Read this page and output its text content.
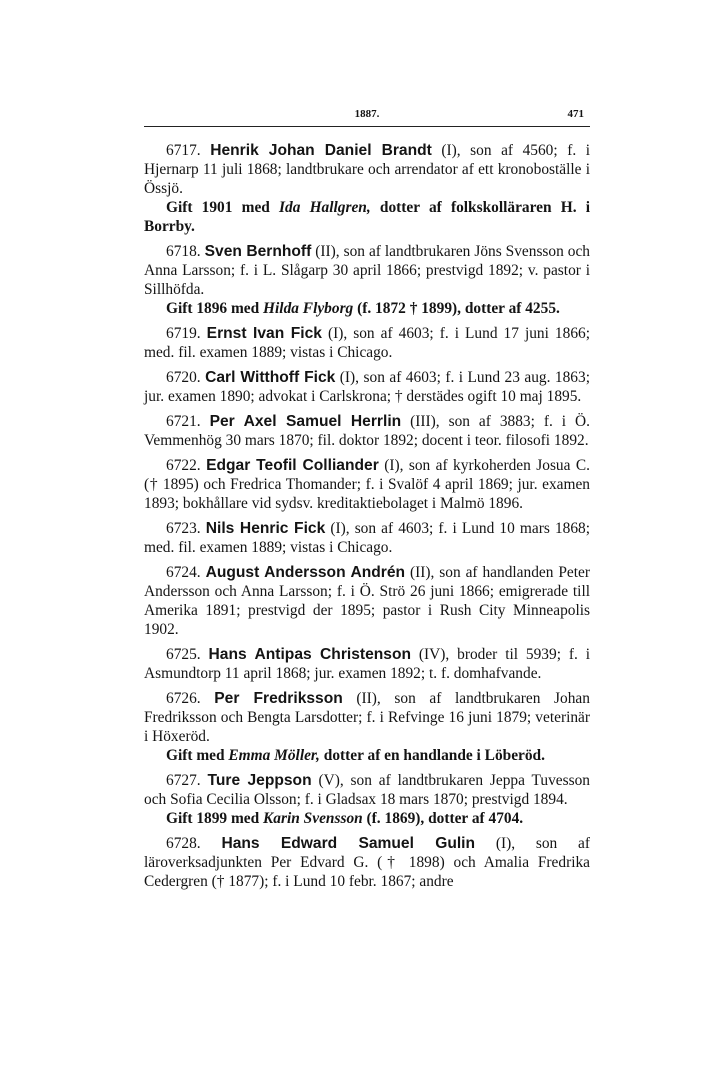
1887.	471

6717. Henrik Johan Daniel Brandt (I), son af 4560; f. i Hjernarp 11 juli 1868; landtbrukare och arrendator af ett kronoboställe i Össjö.

Gift 1901 med Ida Hallgren, dotter af folkskolläraren H. i Borrby.

6718. Sven Bernhoff (II), son af landtbrukaren Jöns Svensson och Anna Larsson; f. i L. Slågarp 30 april 1866; prestvigd 1892; v. pastor i Sillhöfda.

Gift 1896 med Hilda Flyborg (f. 1872 † 1899), dotter af 4255.

6719. Ernst Ivan Fick (I), son af 4603; f. i Lund 17 juni 1866; med. fil. examen 1889; vistas i Chicago.

6720. Carl Witthoff Fick (I), son af 4603; f. i Lund 23 aug. 1863; jur. examen 1890; advokat i Carlskrona; † derstädes ogift 10 maj 1895.

6721. Per Axel Samuel Herrlin (III), son af 3883; f. i Ö. Vemmenhög 30 mars 1870; fil. doktor 1892; docent i teor. filosofi 1892.

6722. Edgar Teofil Colliander (I), son af kyrkoherden Josua C. († 1895) och Fredrica Thomander; f. i Svalöf 4 april 1869; jur. examen 1893; bokhållare vid sydsv. kreditaktiebolaget i Malmö 1896.

6723. Nils Henric Fick (I), son af 4603; f. i Lund 10 mars 1868; med. fil. examen 1889; vistas i Chicago.

6724. August Andersson Andrén (II), son af handlanden Peter Andersson och Anna Larsson; f. i Ö. Strö 26 juni 1866; emigrerade till Amerika 1891; prestvigd der 1895; pastor i Rush City Minneapolis 1902.

6725. Hans Antipas Christenson (IV), broder til 5939; f. i Asmundtorp 11 april 1868; jur. examen 1892; t. f. domhafvande.

6726. Per Fredriksson (II), son af landtbrukaren Johan Fredriksson och Bengta Larsdotter; f. i Refvinge 16 juni 1879; veterinär i Höxeröd.

Gift med Emma Möller, dotter af en handlande i Löberöd.

6727. Ture Jeppson (V), son af landtbrukaren Jeppa Tuvesson och Sofia Cecilia Olsson; f. i Gladsax 18 mars 1870; prestvigd 1894.

Gift 1899 med Karin Svensson (f. 1869), dotter af 4704.

6728. Hans Edward Samuel Gulin (I), son af läroverksadjunkten Per Edvard G. († 1898) och Amalia Fredrika Cedergren († 1877); f. i Lund 10 febr. 1867; andre
